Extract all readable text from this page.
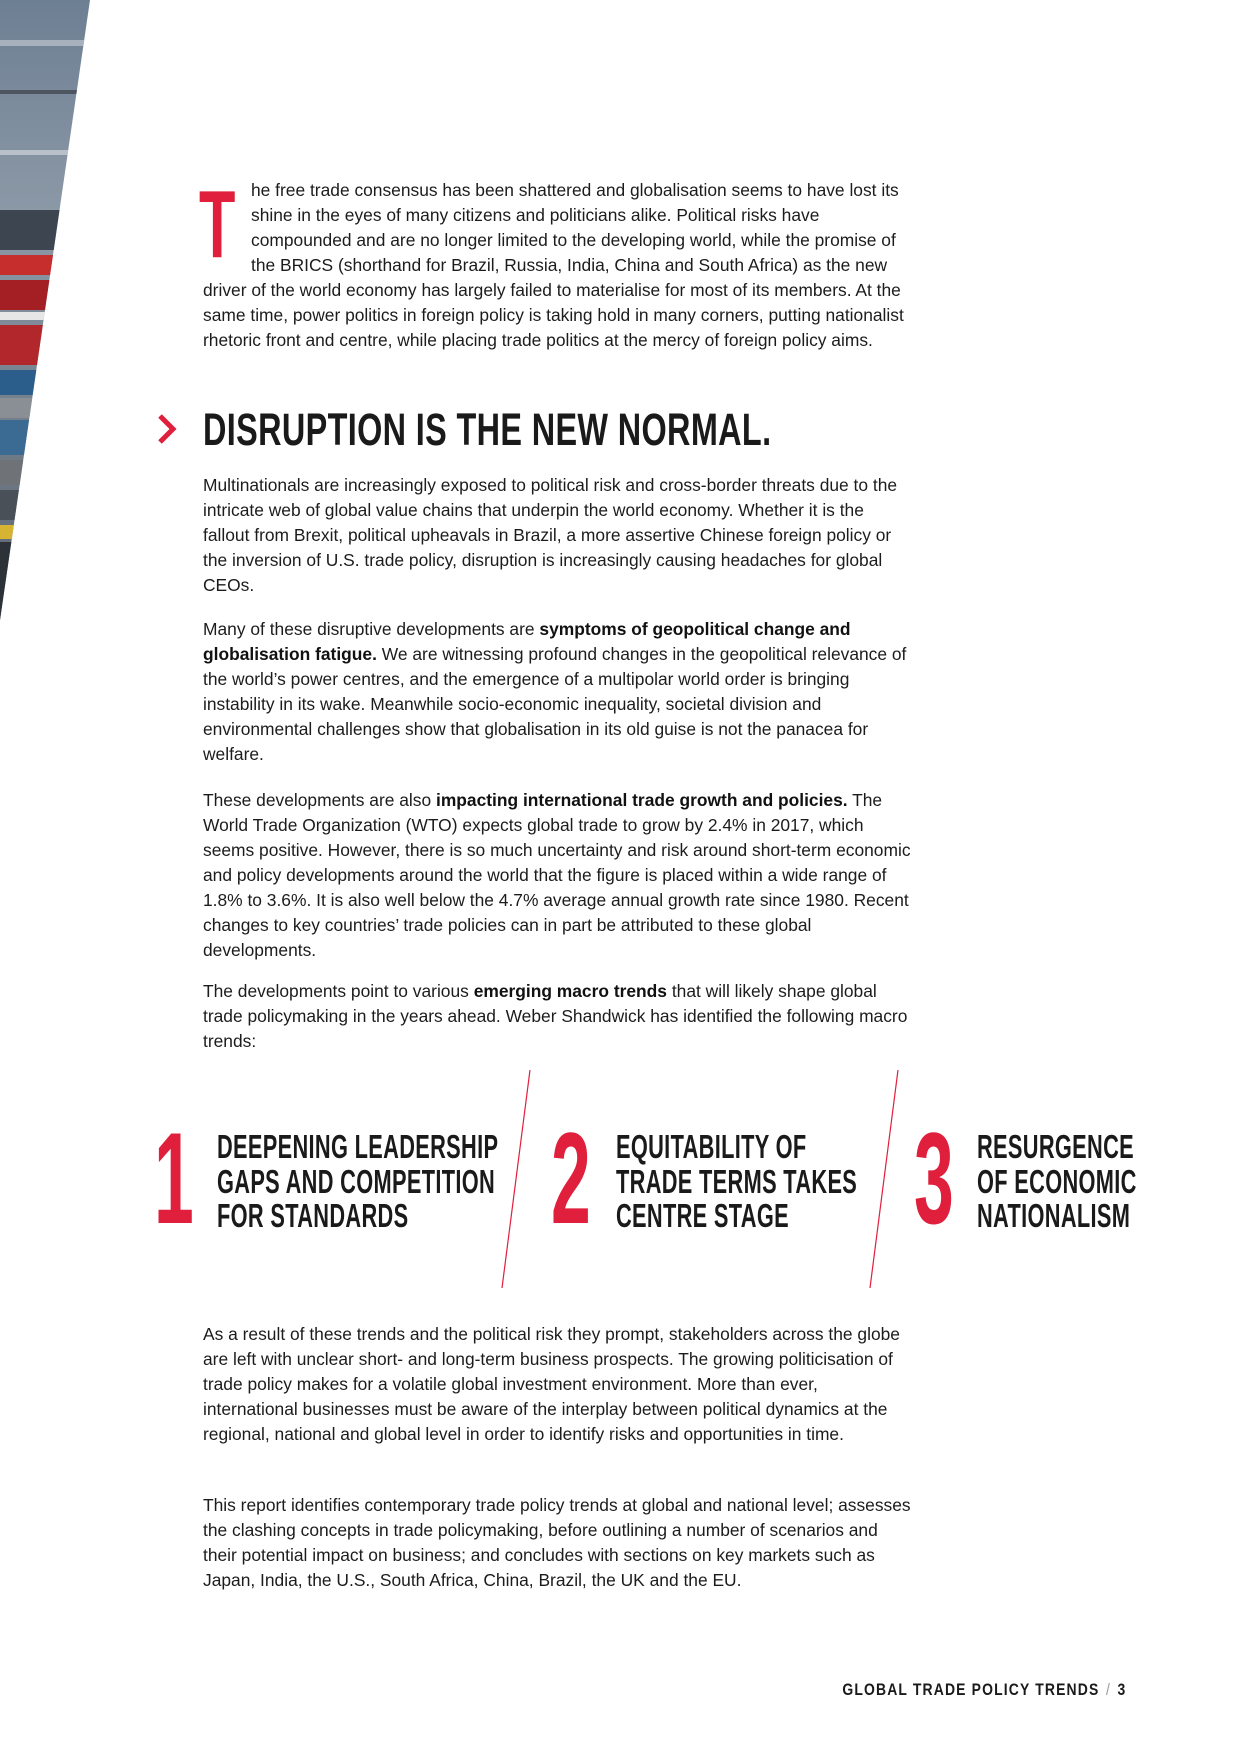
The free trade consensus has been shattered and globalisation seems to have lost its shine in the eyes of many citizens and politicians alike. Political risks have compounded and are no longer limited to the developing world, while the promise of the BRICS (shorthand for Brazil, Russia, India, China and South Africa) as the new driver of the world economy has largely failed to materialise for most of its members. At the same time, power politics in foreign policy is taking hold in many corners, putting nationalist rhetoric front and centre, while placing trade politics at the mercy of foreign policy aims.

DISRUPTION IS THE NEW NORMAL.

Multinationals are increasingly exposed to political risk and cross-border threats due to the intricate web of global value chains that underpin the world economy. Whether it is the fallout from Brexit, political upheavals in Brazil, a more assertive Chinese foreign policy or the inversion of U.S. trade policy, disruption is increasingly causing headaches for global CEOs.

Many of these disruptive developments are symptoms of geopolitical change and globalisation fatigue. We are witnessing profound changes in the geopolitical relevance of the world’s power centres, and the emergence of a multipolar world order is bringing instability in its wake. Meanwhile socio-economic inequality, societal division and environmental challenges show that globalisation in its old guise is not the panacea for welfare.

These developments are also impacting international trade growth and policies. The World Trade Organization (WTO) expects global trade to grow by 2.4% in 2017, which seems positive. However, there is so much uncertainty and risk around short-term economic and policy developments around the world that the figure is placed within a wide range of 1.8% to 3.6%. It is also well below the 4.7% average annual growth rate since 1980. Recent changes to key countries’ trade policies can in part be attributed to these global developments.

The developments point to various emerging macro trends that will likely shape global trade policymaking in the years ahead. Weber Shandwick has identified the following macro trends:

1 DEEPENING LEADERSHIP
GAPS AND COMPETITION
FOR STANDARDS	2 EQUITABILITY OF
TRADE TERMS TAKES
CENTRE STAGE 3 RESURGENCE
OF ECONOMIC
NATIONALISM

As a result of these trends and the political risk they prompt, stakeholders across the globe are left with unclear short- and long-term business prospects. The growing politicisation of trade policy makes for a volatile global investment environment. More than ever, international businesses must be aware of the interplay between political dynamics at the regional, national and global level in order to identify risks and opportunities in time.

This report identifies contemporary trade policy trends at global and national level; assesses the clashing concepts in trade policymaking, before outlining a number of scenarios and their potential impact on business; and concludes with sections on key markets such as Japan, India, the U.S., South Africa, China, Brazil, the UK and the EU.

GLOBAL TRADE POLICY TRENDS / 3
